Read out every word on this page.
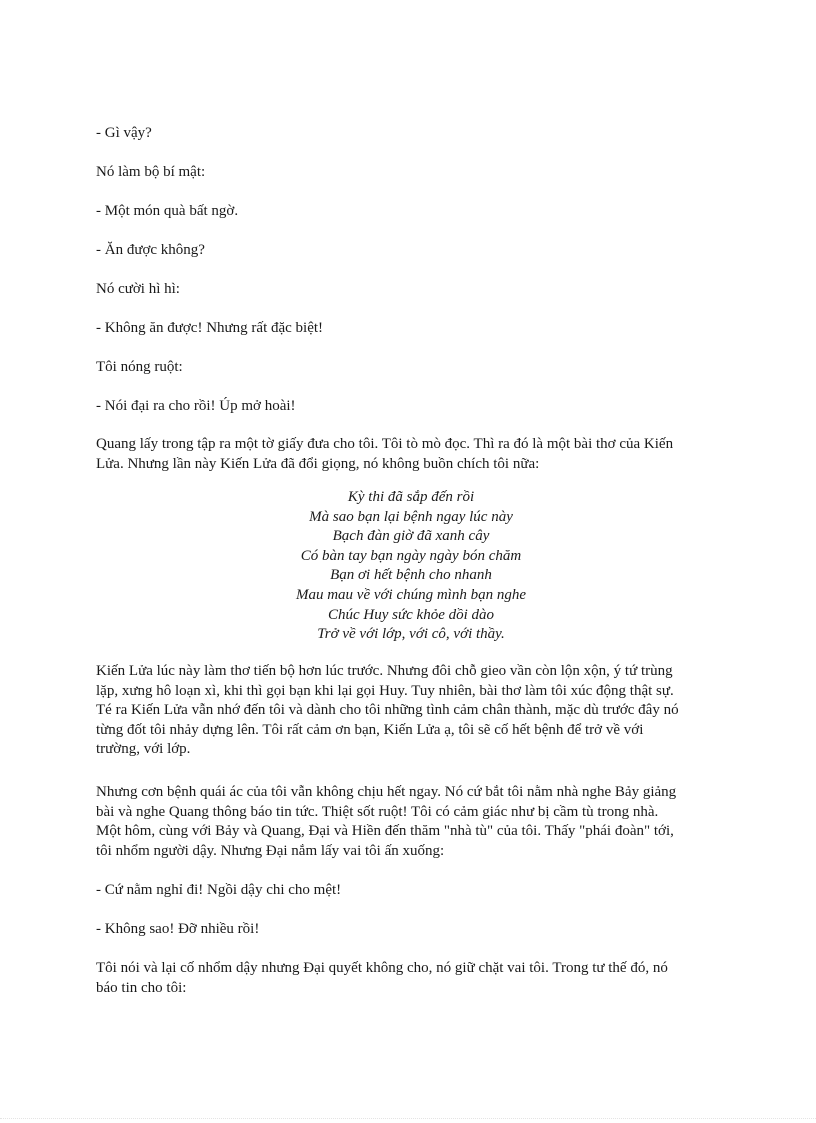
- Gì vậy?
Nó làm bộ bí mật:
- Một món quà bất ngờ.
- Ăn được không?
Nó cười hì hì:
- Không ăn được! Nhưng rất đặc biệt!
Tôi nóng ruột:
- Nói đại ra cho rồi! Úp mở hoài!
Quang lấy trong tập ra một tờ giấy đưa cho tôi. Tôi tò mò đọc. Thì ra đó là một bài thơ của Kiến
Lửa. Nhưng lần này Kiến Lửa đã đổi giọng, nó không buồn chích tôi nữa:
Kiến Lửa lúc này làm thơ tiến bộ hơn lúc trước. Nhưng đôi chỗ gieo vần còn lộn xộn, ý tứ trùng
lặp, xưng hô loạn xì, khi thì gọi bạn khi lại gọi Huy. Tuy nhiên, bài thơ làm tôi xúc động thật sự.
Té ra Kiến Lửa vẫn nhớ đến tôi và dành cho tôi những tình cảm chân thành, mặc dù trước đây nó
từng đốt tôi nhảy dựng lên. Tôi rất cảm ơn bạn, Kiến Lửa ạ, tôi sẽ cố hết bệnh để trở về với
trường, với lớp.
Nhưng cơn bệnh quái ác của tôi vẫn không chịu hết ngay. Nó cứ bắt tôi nằm nhà nghe Bảy giảng
bài và nghe Quang thông báo tin tức. Thiệt sốt ruột! Tôi có cảm giác như bị cầm tù trong nhà.
Một hôm, cùng với Bảy và Quang, Đại và Hiền đến thăm "nhà tù" của tôi. Thấy "phái đoàn" tới,
tôi nhổm người dậy. Nhưng Đại nắm lấy vai tôi ấn xuống:
- Cứ nằm nghỉ đi! Ngồi dậy chi cho mệt!
- Không sao! Đỡ nhiều rồi!
Tôi nói và lại cố nhổm dậy nhưng Đại quyết không cho, nó giữ chặt vai tôi. Trong tư thế đó, nó
báo tin cho tôi:
Kỳ thi đã sắp đến rồi
Mà sao bạn lại bệnh ngay lúc này
Bạch đàn giờ đã xanh cây
Có bàn tay bạn ngày ngày bón chăm
Bạn ơi hết bệnh cho nhanh
Mau mau về với chúng mình bạn nghe
Chúc Huy sức khỏe dồi dào
Trở về với lớp, với cô, với thầy.
